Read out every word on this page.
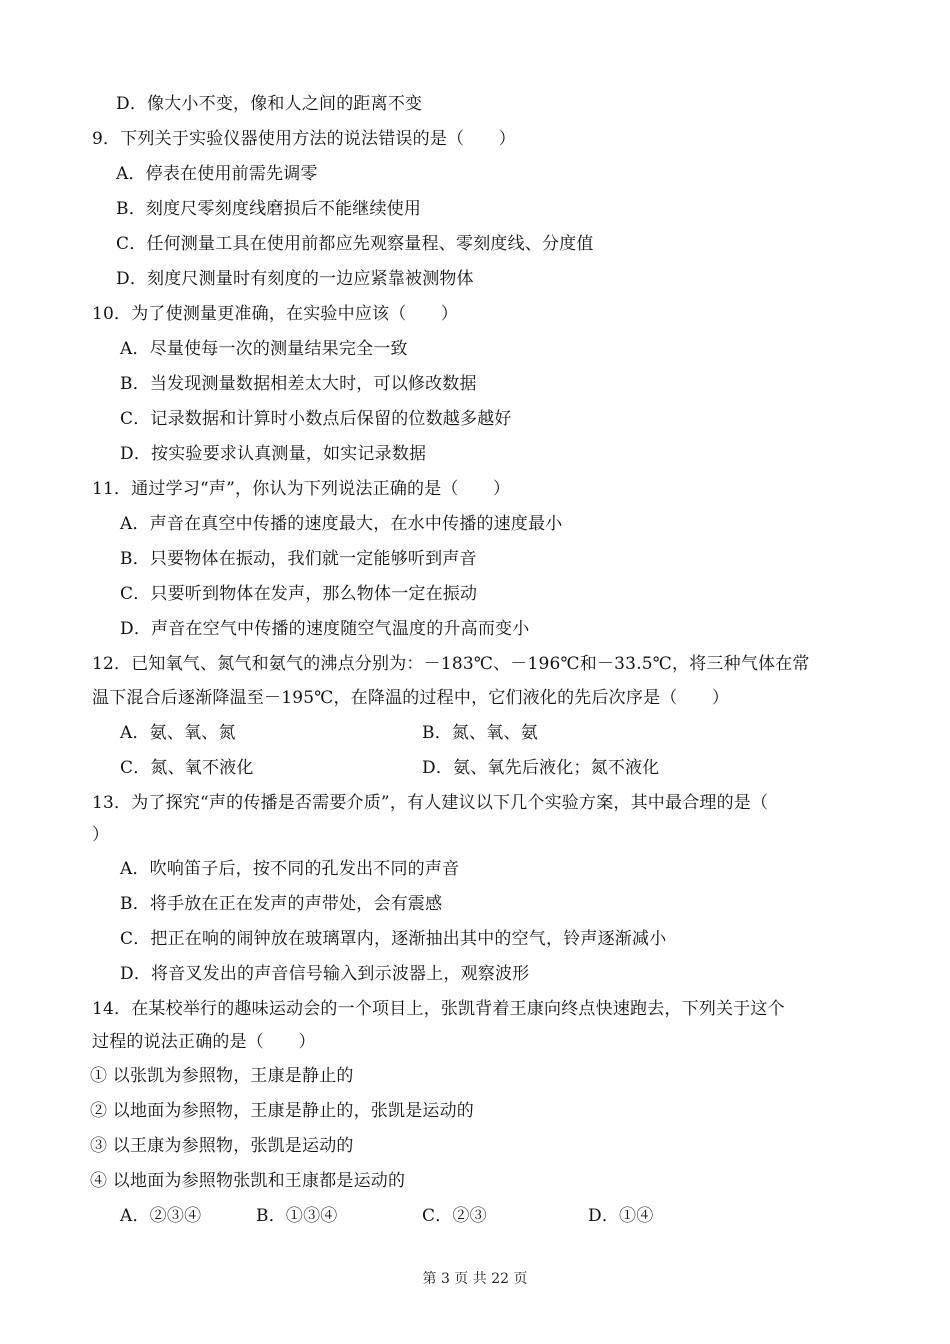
D．像大小不变，像和人之间的距离不变
9．下列关于实验仪器使用方法的说法错误的是（　　）
A．停表在使用前需先调零
B．刻度尺零刻度线磨损后不能继续使用
C．任何测量工具在使用前都应先观察量程、零刻度线、分度值
D．刻度尺测量时有刻度的一边应紧靠被测物体
10．为了使测量更准确，在实验中应该（　　）
A．尽量使每一次的测量结果完全一致
B．当发现测量数据相差太大时，可以修改数据
C．记录数据和计算时小数点后保留的位数越多越好
D．按实验要求认真测量，如实记录数据
11．通过学习“声”，你认为下列说法正确的是（　　）
A．声音在真空中传播的速度最大，在水中传播的速度最小
B．只要物体在振动，我们就一定能够听到声音
C．只要听到物体在发声，那么物体一定在振动
D．声音在空气中传播的速度随空气温度的升高而变小
12．已知氧气、氮气和氨气的沸点分别为：－183℃、－196℃和－33.5℃，将三种气体在常
温下混合后逐渐降温至－195℃，在降温的过程中，它们液化的先后次序是（　　）
A．氨、氧、氮	B．氮、氧、氨
C．氮、氧不液化	D．氨、氧先后液化；氮不液化
13．为了探究“声的传播是否需要介质”，有人建议以下几个实验方案，其中最合理的是（
）
A．吹响笛子后，按不同的孔发出不同的声音
B．将手放在正在发声的声带处，会有震感
C．把正在响的闹钟放在玻璃罩内，逐渐抽出其中的空气，铃声逐渐减小
D．将音叉发出的声音信号输入到示波器上，观察波形
14．在某校举行的趣味运动会的一个项目上，张凯背着王康向终点快速跑去，下列关于这个
过程的说法正确的是（　　）
① 以张凯为参照物，王康是静止的
② 以地面为参照物，王康是静止的，张凯是运动的
③ 以王康为参照物，张凯是运动的
④ 以地面为参照物张凯和王康都是运动的
A．②③④	B．①③④	C．②③	D．①④
第 3 页 共 22 页
